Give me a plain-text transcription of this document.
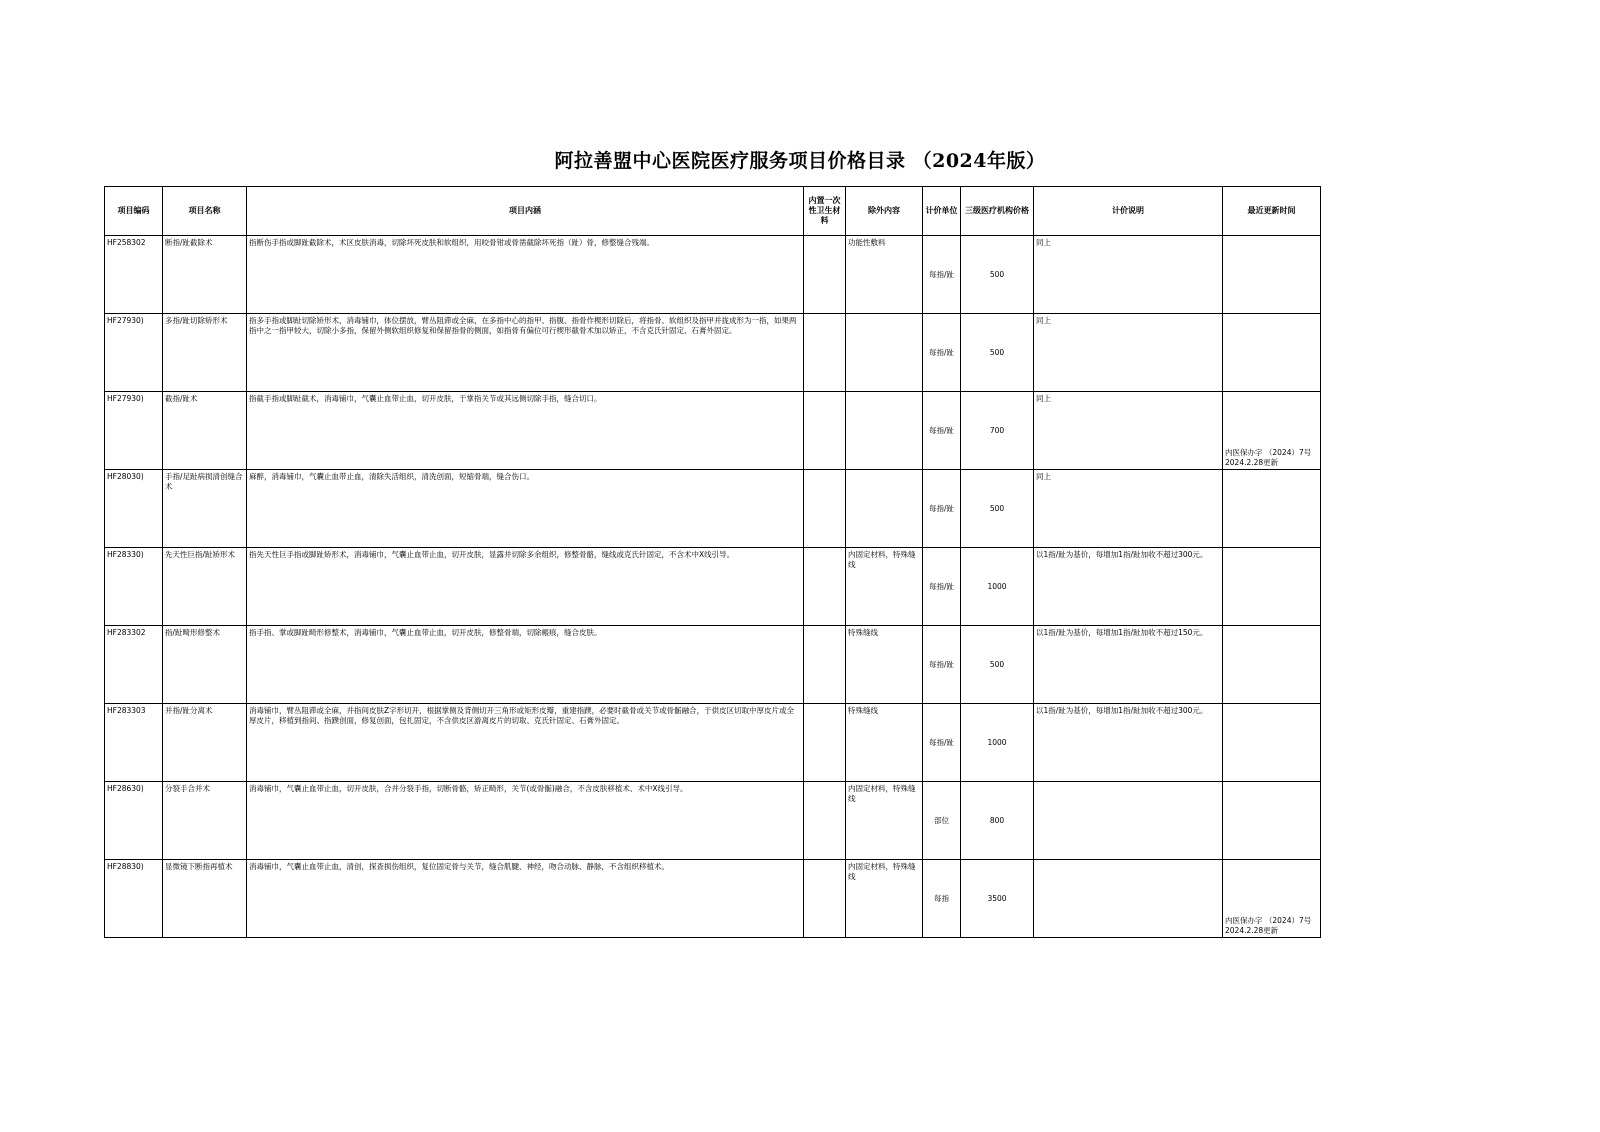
阿拉善盟中心医院医疗服务项目价格目录 （2024年版）
项目编码	项目名称	项目内涵	内置一次性卫生材料	除外内容	计价单位	三级医疗机构价格	计价说明	最近更新时间
HF258302	断指/趾截除术	指断伤手指或脚趾截除术，术区皮肤消毒，切除坏死皮肤和软组织，用咬骨钳或骨凿截除坏死指（趾）骨，修整缝合残端。		功能性敷料	每指/趾	500	同上	

HF27930)	多指/趾切除矫形术	指多手指或脚趾切除矫形术，消毒铺巾，体位摆放，臂丛阻滞或全麻，在多指中心的指甲、指腹、指骨作楔形切除后，将指骨、软组织及指甲并拢成形为一指，如果两指中之一指甲较大，切除小多指，保留外侧软组织修复和保留指骨的侧面，如指骨有偏位可行楔形截骨术加以矫正，不含克氏针固定、石膏外固定。			每指/趾	500	同上	

HF27930)	截指/趾术	指截手指或脚趾截术，消毒铺巾，气囊止血带止血，切开皮肤，于掌指关节或其远侧切除手指，缝合切口。			每指/趾	700	同上	内医保办字 （2024）7号 2024.2.28更新

HF28030)	手指/足趾病损清创缝合术	麻醉，消毒铺巾，气囊止血带止血，清除失活组织，清洗创面，短缩骨端，缝合伤口。			每指/趾	500	同上	

HF28330)	先天性巨指/趾矫形术	指先天性巨手指或脚趾矫形术，消毒铺巾，气囊止血带止血，切开皮肤，显露并切除多余组织，修整骨骼，缝线或克氏针固定，不含术中X线引导。		内固定材料，特殊缝线	每指/趾	1000	以1指/趾为基价，每增加1指/趾加收不超过300元。	

HF283302	指/趾畸形修整术	指手指、掌或脚趾畸形修整术，消毒铺巾，气囊止血带止血，切开皮肤，修整骨端，切除瘢痕，缝合皮肤。		特殊缝线	每指/趾	500	以1指/趾为基价，每增加1指/趾加收不超过150元。	

HF283303	并指/趾分离术	消毒铺巾，臂丛阻滞或全麻，并指间皮肤Z字形切开，根据掌侧及背侧切开三角形或矩形皮瓣，重建指蹼，必要时截骨或关节或骨骺融合，于供皮区切取中厚皮片或全厚皮片，移植到指间、指蹼创面，修复创面，包扎固定，不含供皮区游离皮片的切取、克氏针固定、石膏外固定。		特殊缝线	每指/趾	1000	以1指/趾为基价，每增加1指/趾加收不超过300元。	

HF28630)	分裂手合并术	消毒铺巾，气囊止血带止血，切开皮肤，合并分裂手指，切断骨骼，矫正畸形，关节(或骨骺)融合，不含皮肤移植术、术中X线引导。		内固定材料，特殊缝线	部位	800		

HF28830)	显微镜下断指再植术	消毒铺巾，气囊止血带止血，清创，探查损伤组织，复位固定骨与关节，缝合肌腱、神经，吻合动脉、静脉，不含组织移植术。		内固定材料，特殊缝线	每指	3500		内医保办字 （2024）7号 2024.2.28更新
